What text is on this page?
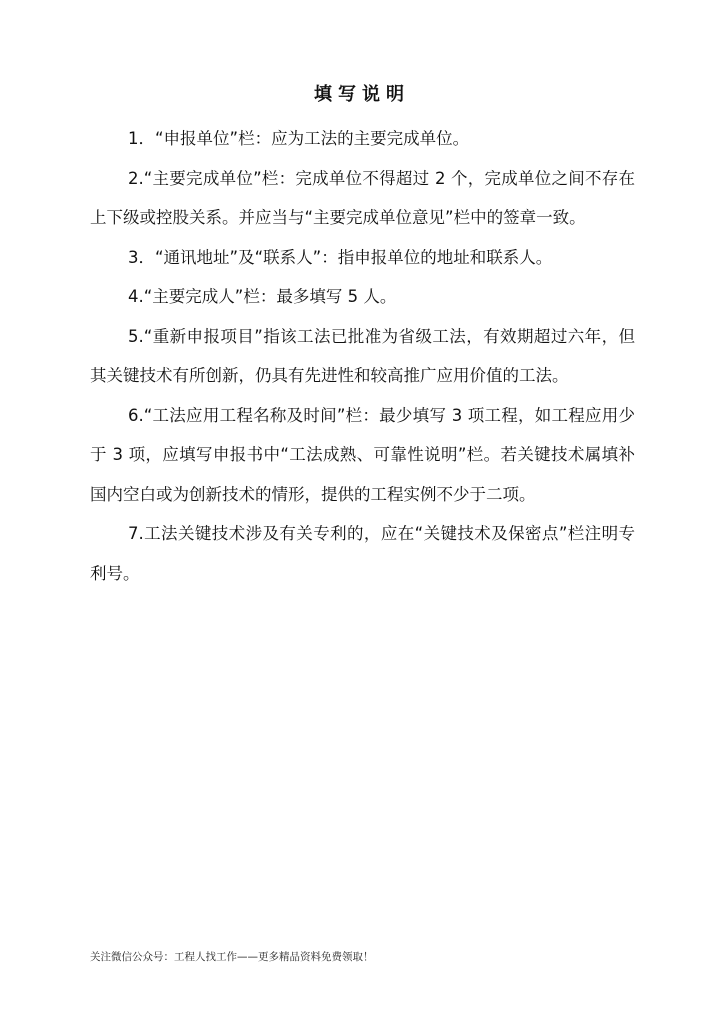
填写说明

1．“申报单位”栏：应为工法的主要完成单位。

2.“主要完成单位”栏：完成单位不得超过 2 个，完成单位之间不存在上下级或控股关系。并应当与“主要完成单位意见”栏中的签章一致。

3．“通讯地址”及“联系人”：指申报单位的地址和联系人。

4.“主要完成人”栏：最多填写 5 人。

5.“重新申报项目”指该工法已批准为省级工法，有效期超过六年，但其关键技术有所创新，仍具有先进性和较高推广应用价值的工法。

6.“工法应用工程名称及时间”栏：最少填写 3 项工程，如工程应用少于 3 项，应填写申报书中“工法成熟、可靠性说明”栏。若关键技术属填补国内空白或为创新技术的情形，提供的工程实例不少于二项。

7.工法关键技术涉及有关专利的，应在“关键技术及保密点”栏注明专利号。

关注微信公众号：工程人找工作——更多精品资料免费领取！
